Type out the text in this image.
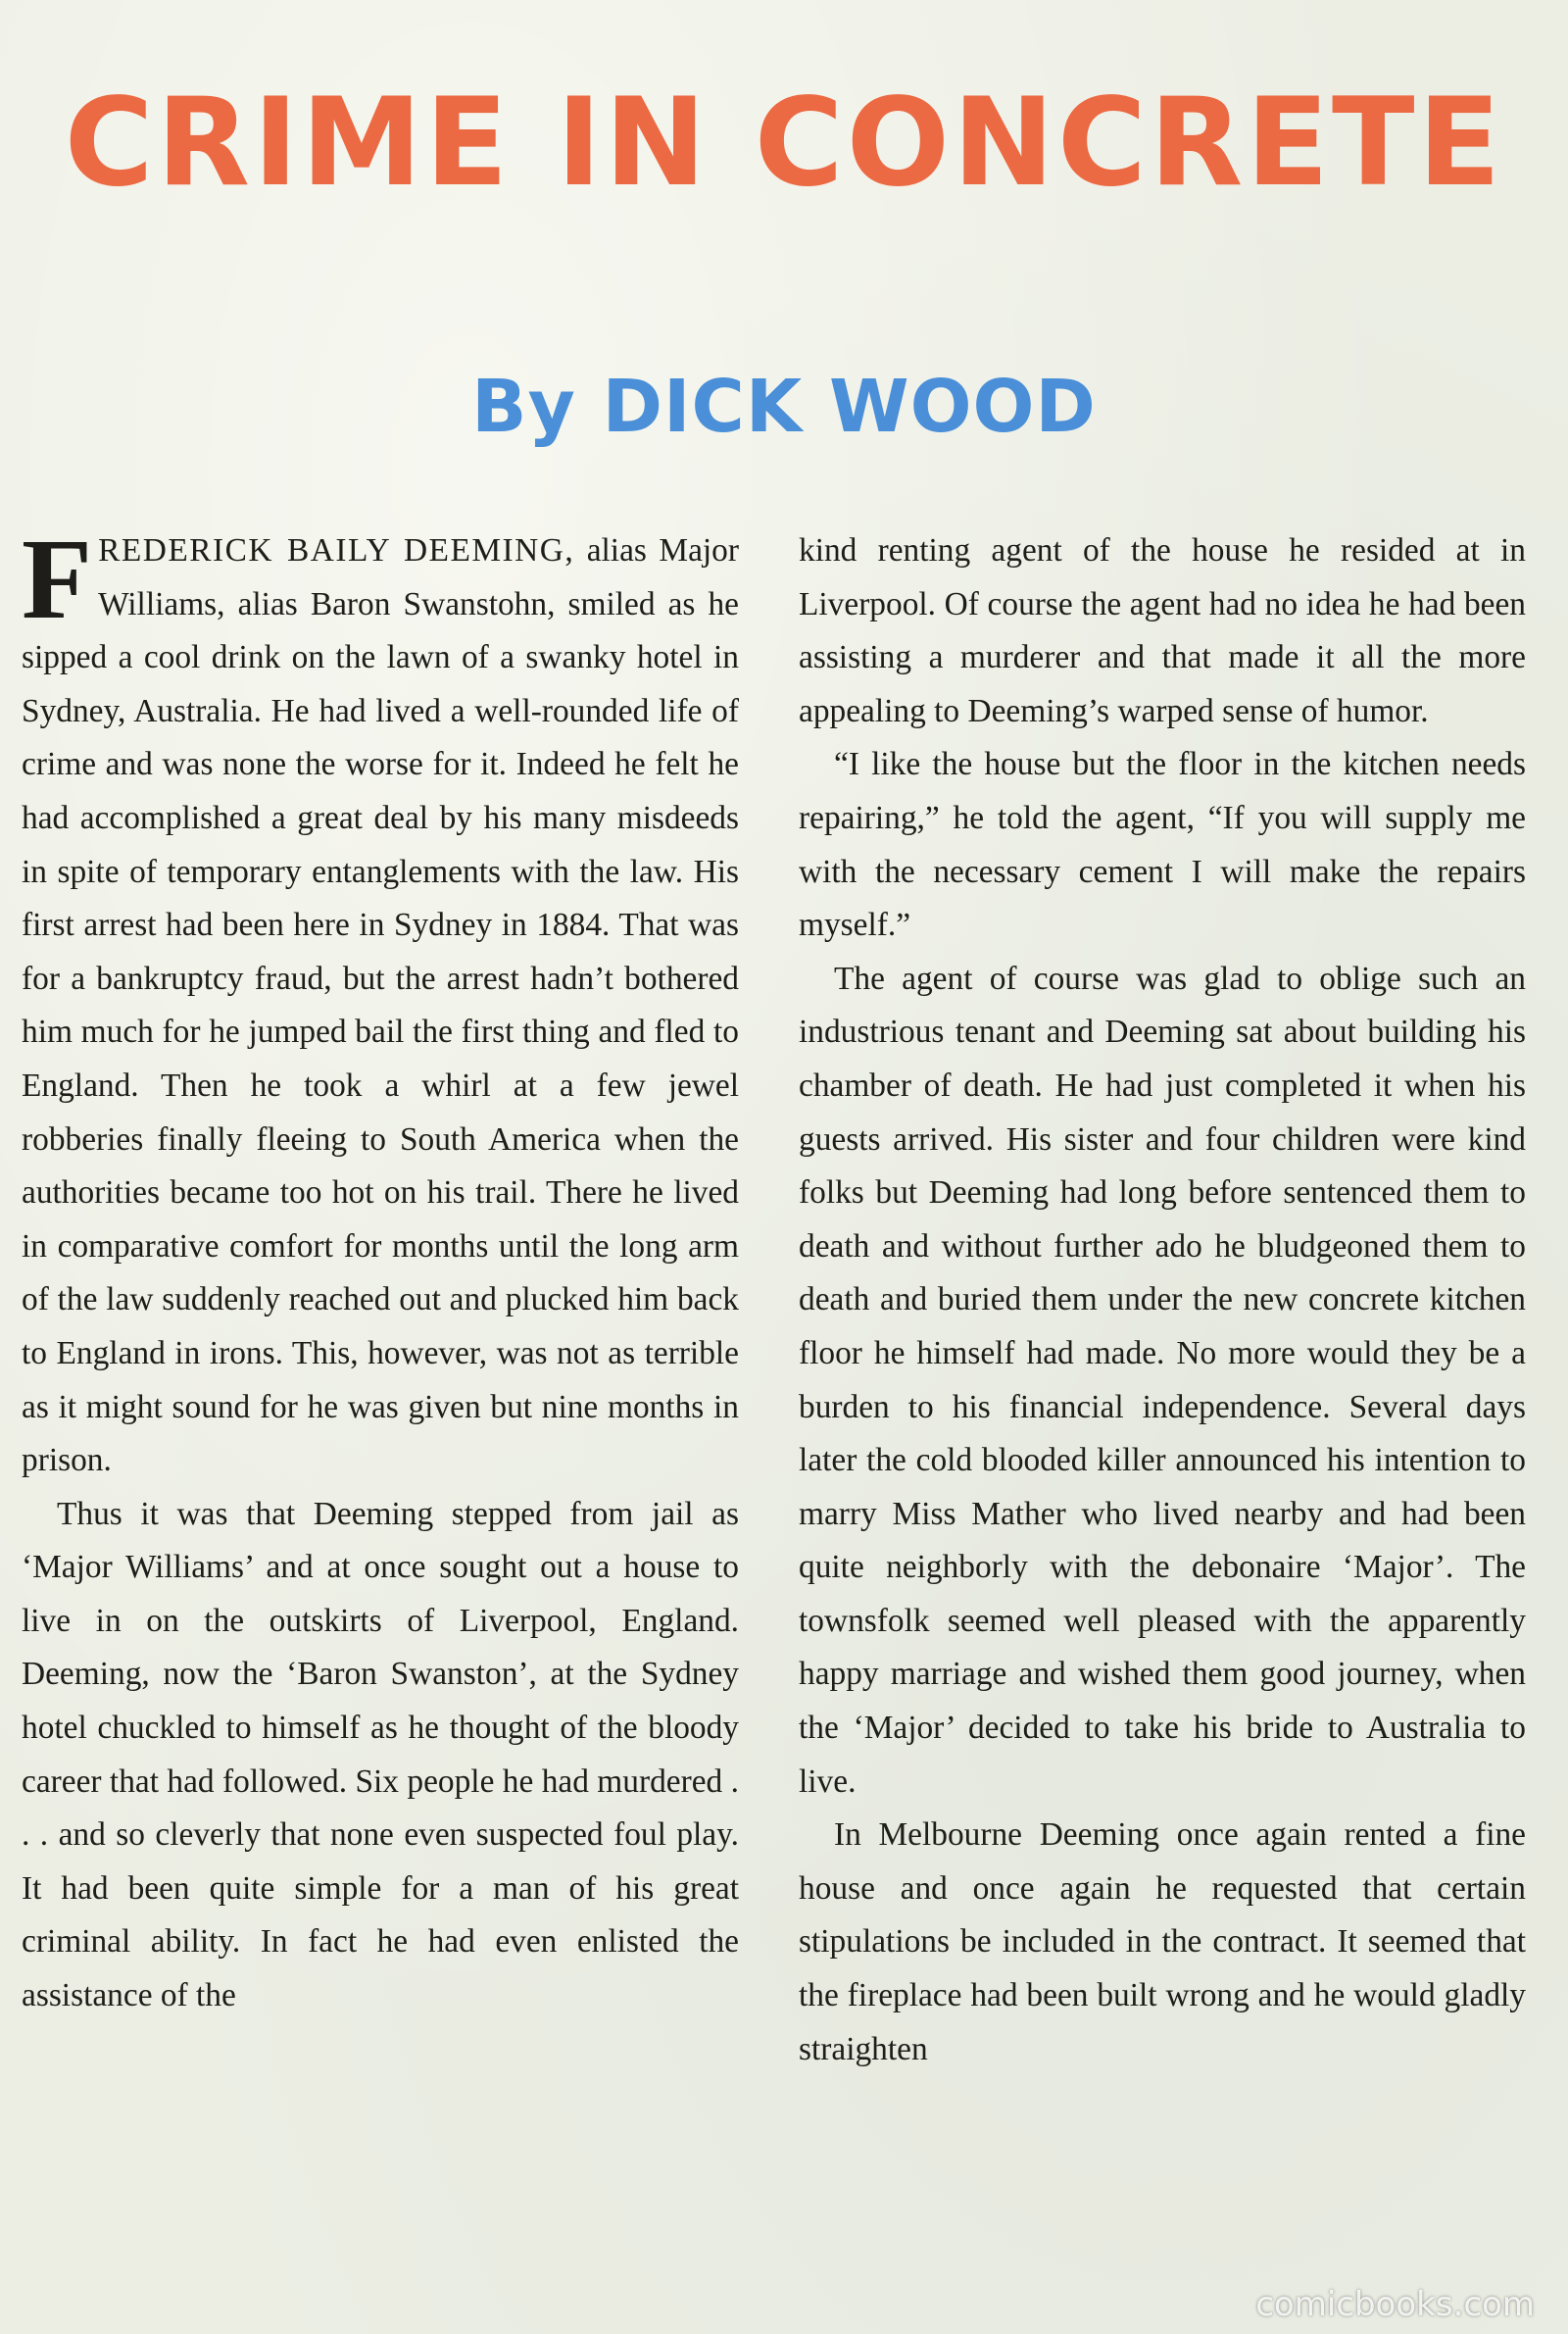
CRIME IN CONCRETE
By DICK WOOD

FREDERICK BAILY DEEMING, alias Major Williams, alias Baron Swanstohn, smiled as he sipped a cool drink on the lawn of a swanky hotel in Sydney, Australia. He had lived a well-rounded life of crime and was none the worse for it. Indeed he felt he had accomplished a great deal by his many misdeeds in spite of temporary entanglements with the law. His first arrest had been here in Sydney in 1884. That was for a bankruptcy fraud, but the arrest hadn’t bothered him much for he jumped bail the first thing and fled to England. Then he took a whirl at a few jewel robberies finally fleeing to South America when the authorities became too hot on his trail. There he lived in comparative comfort for months until the long arm of the law suddenly reached out and plucked him back to England in irons. This, however, was not as terrible as it might sound for he was given but nine months in prison.

Thus it was that Deeming stepped from jail as ‘Major Williams’ and at once sought out a house to live in on the outskirts of Liverpool, England. Deeming, now the ‘Baron Swanston’, at the Sydney hotel chuckled to himself as he thought of the bloody career that had followed. Six people he had murdered . . . and so cleverly that none even suspected foul play. It had been quite simple for a man of his great criminal ability. In fact he had even enlisted the assistance of the

kind renting agent of the house he resided at in Liverpool. Of course the agent had no idea he had been assisting a murderer and that made it all the more appealing to Deeming’s warped sense of humor.

“I like the house but the floor in the kitchen needs repairing,” he told the agent, “If you will supply me with the necessary cement I will make the repairs myself.”

The agent of course was glad to oblige such an industrious tenant and Deeming sat about building his chamber of death. He had just completed it when his guests arrived. His sister and four children were kind folks but Deeming had long before sentenced them to death and without further ado he bludgeoned them to death and buried them under the new concrete kitchen floor he himself had made. No more would they be a burden to his financial independence. Several days later the cold blooded killer announced his intention to marry Miss Mather who lived nearby and had been quite neighborly with the debonaire ‘Major’. The townsfolk seemed well pleased with the apparently happy marriage and wished them good journey, when the ‘Major’ decided to take his bride to Australia to live.

In Melbourne Deeming once again rented a fine house and once again he requested that certain stipulations be included in the contract. It seemed that the fireplace had been built wrong and he would gladly straighten

comicbooks.com
